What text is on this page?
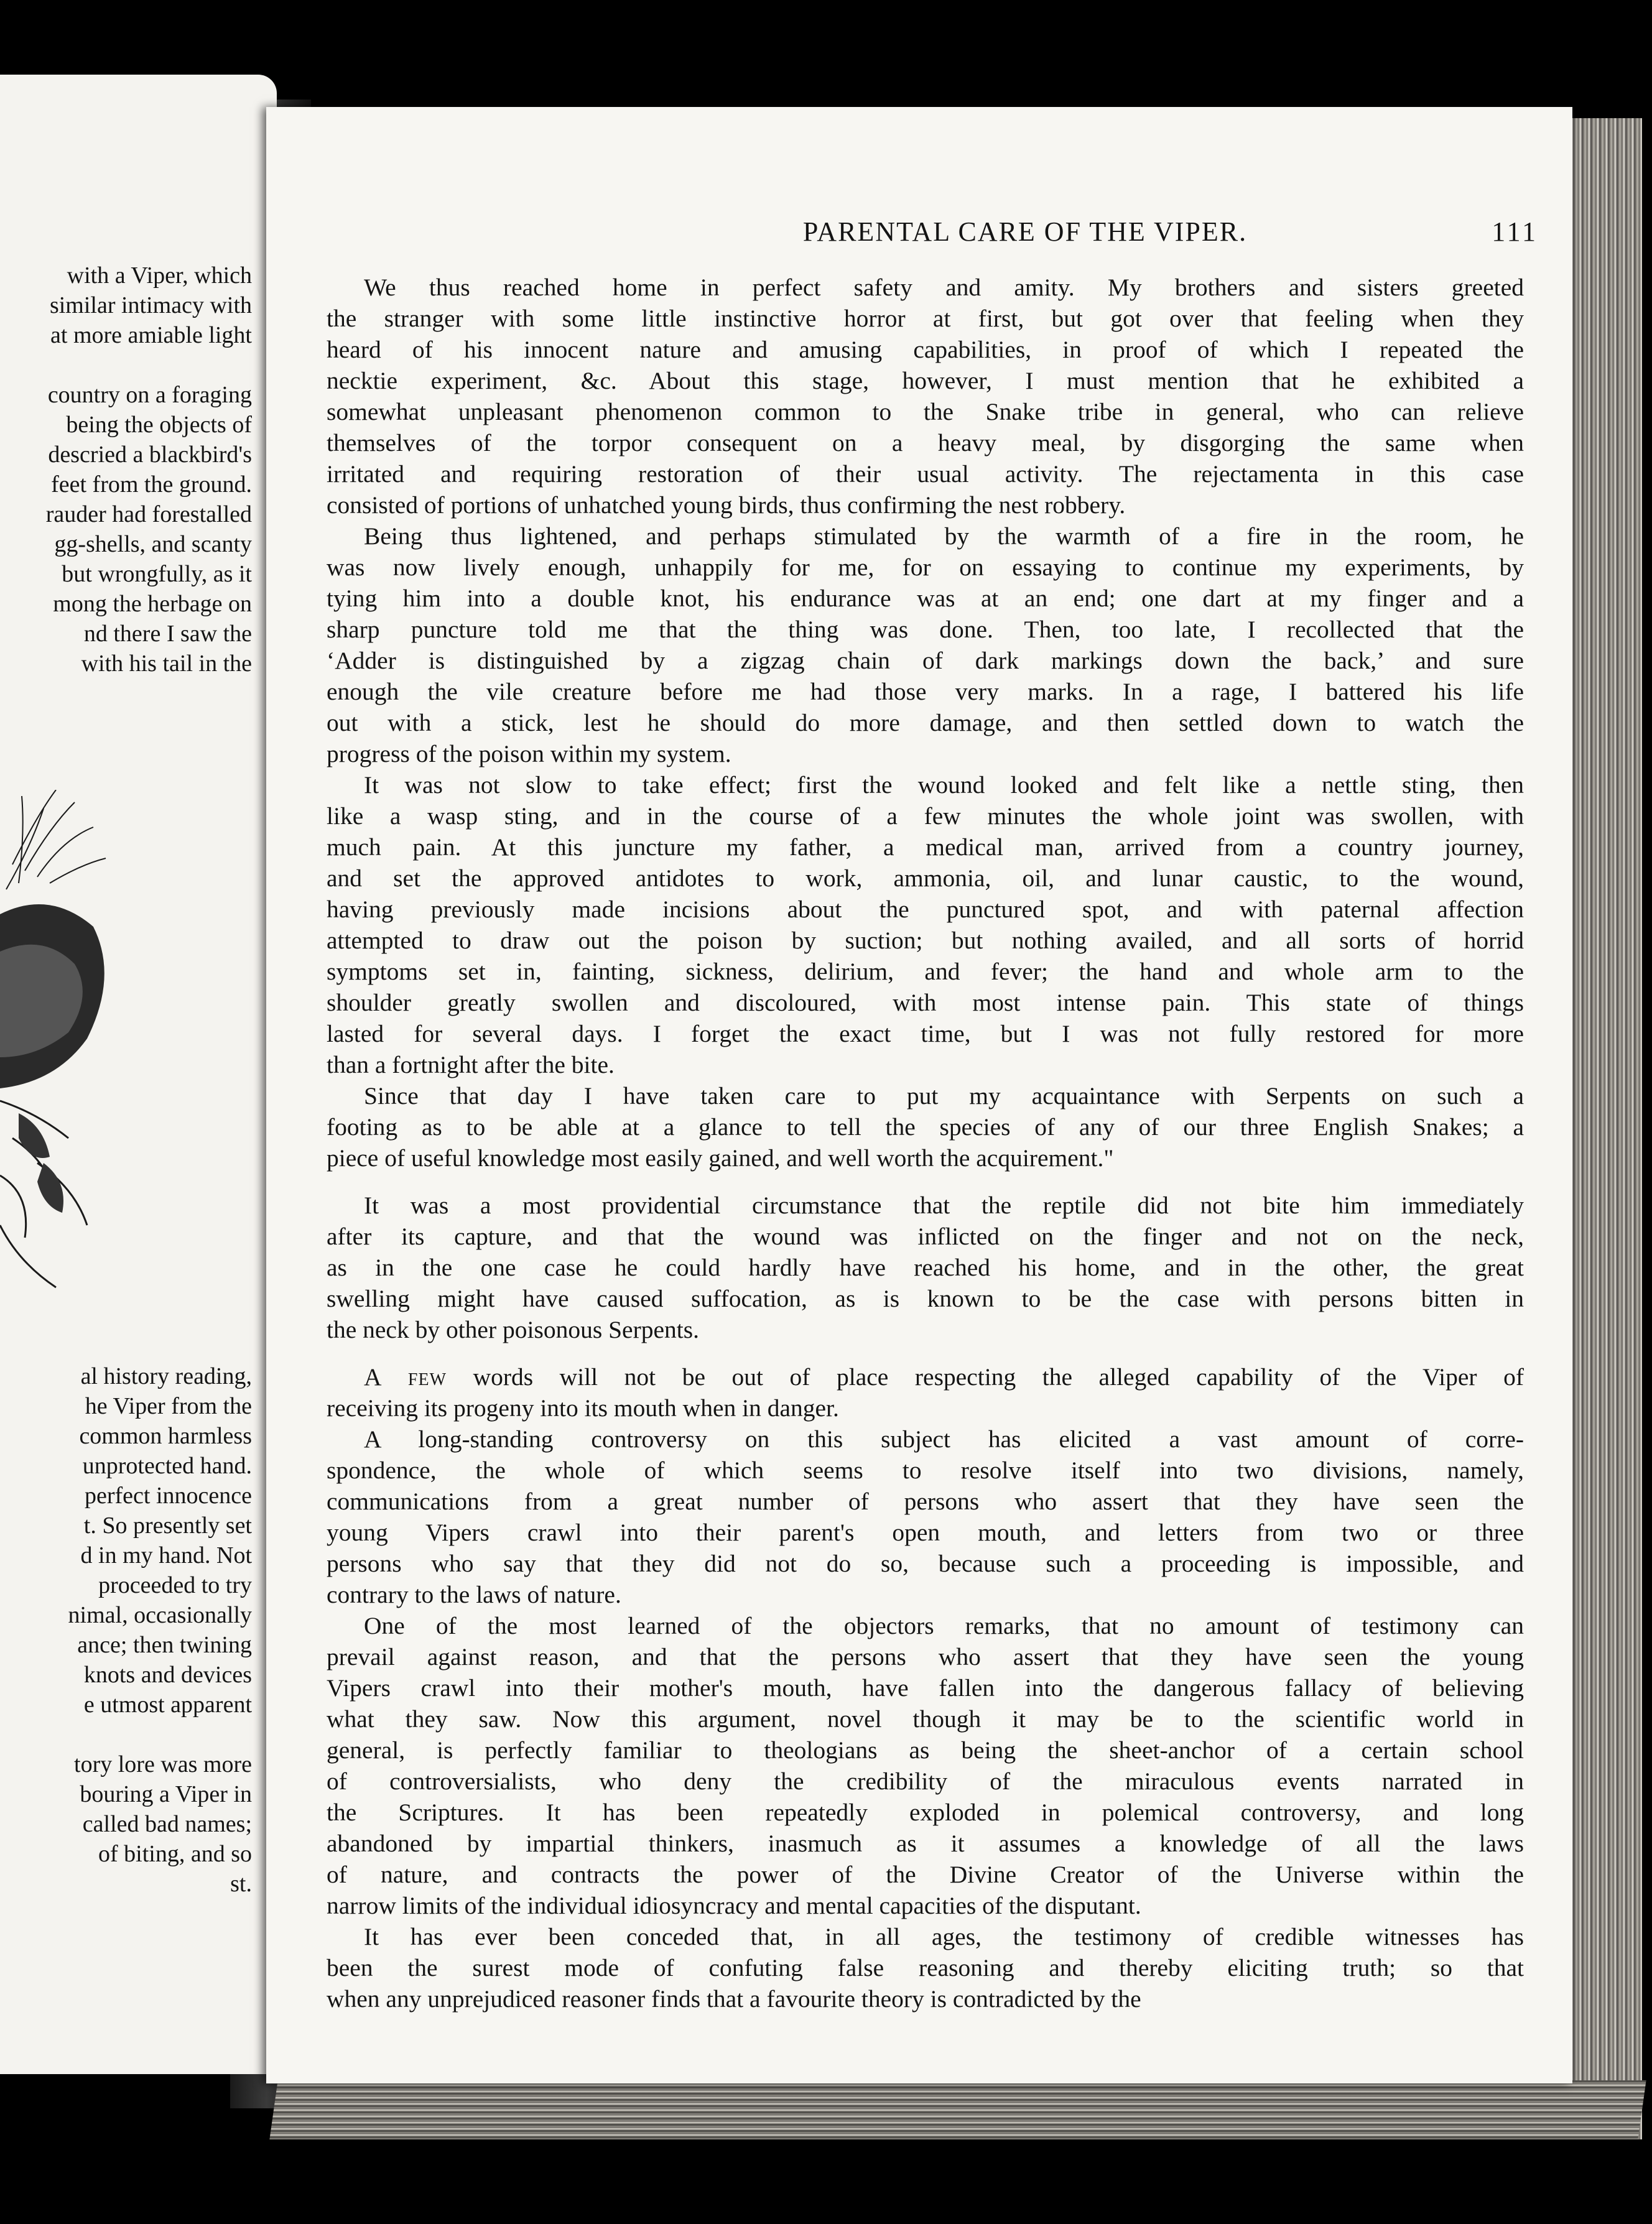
with a Viper, which
similar intimacy with
at more amiable light
country on a foraging
being the objects of
descried a blackbird's
feet from the ground.
rauder had forestalled
gg-shells, and scanty
but wrongfully, as it
mong the herbage on
nd there I saw the
with his tail in the
al history reading,
he Viper from the
common harmless
unprotected hand.
perfect innocence
t. So presently set
d in my hand. Not
proceeded to try
nimal, occasionally
ance; then twining
knots and devices
e utmost apparent
tory lore was more
bouring a Viper in
called bad names;
of biting, and so
st.
PARENTAL CARE OF THE VIPER.	111
We thus reached home in perfect safety and amity. My brothers and sisters greeted
the stranger with some little instinctive horror at first, but got over that feeling when they
heard of his innocent nature and amusing capabilities, in proof of which I repeated the
necktie experiment, &c. About this stage, however, I must mention that he exhibited a
somewhat unpleasant phenomenon common to the Snake tribe in general, who can relieve
themselves of the torpor consequent on a heavy meal, by disgorging the same when
irritated and requiring restoration of their usual activity. The rejectamenta in this case
consisted of portions of unhatched young birds, thus confirming the nest robbery.
Being thus lightened, and perhaps stimulated by the warmth of a fire in the room, he
was now lively enough, unhappily for me, for on essaying to continue my experiments, by
tying him into a double knot, his endurance was at an end; one dart at my finger and a
sharp puncture told me that the thing was done. Then, too late, I recollected that the
‘Adder is distinguished by a zigzag chain of dark markings down the back,’ and sure
enough the vile creature before me had those very marks. In a rage, I battered his life
out with a stick, lest he should do more damage, and then settled down to watch the
progress of the poison within my system.
It was not slow to take effect; first the wound looked and felt like a nettle sting, then
like a wasp sting, and in the course of a few minutes the whole joint was swollen, with
much pain. At this juncture my father, a medical man, arrived from a country journey,
and set the approved antidotes to work, ammonia, oil, and lunar caustic, to the wound,
having previously made incisions about the punctured spot, and with paternal affection
attempted to draw out the poison by suction; but nothing availed, and all sorts of horrid
symptoms set in, fainting, sickness, delirium, and fever; the hand and whole arm to the
shoulder greatly swollen and discoloured, with most intense pain. This state of things
lasted for several days. I forget the exact time, but I was not fully restored for more
than a fortnight after the bite.
Since that day I have taken care to put my acquaintance with Serpents on such a
footing as to be able at a glance to tell the species of any of our three English Snakes; a
piece of useful knowledge most easily gained, and well worth the acquirement."
It was a most providential circumstance that the reptile did not bite him immediately
after its capture, and that the wound was inflicted on the finger and not on the neck,
as in the one case he could hardly have reached his home, and in the other, the great
swelling might have caused suffocation, as is known to be the case with persons bitten in
the neck by other poisonous Serpents.
A few words will not be out of place respecting the alleged capability of the Viper of
receiving its progeny into its mouth when in danger.
A long-standing controversy on this subject has elicited a vast amount of corre-
spondence, the whole of which seems to resolve itself into two divisions, namely,
communications from a great number of persons who assert that they have seen the
young Vipers crawl into their parent's open mouth, and letters from two or three
persons who say that they did not do so, because such a proceeding is impossible, and
contrary to the laws of nature.
One of the most learned of the objectors remarks, that no amount of testimony can
prevail against reason, and that the persons who assert that they have seen the young
Vipers crawl into their mother's mouth, have fallen into the dangerous fallacy of believing
what they saw. Now this argument, novel though it may be to the scientific world in
general, is perfectly familiar to theologians as being the sheet-anchor of a certain school
of controversialists, who deny the credibility of the miraculous events narrated in
the Scriptures. It has been repeatedly exploded in polemical controversy, and long
abandoned by impartial thinkers, inasmuch as it assumes a knowledge of all the laws
of nature, and contracts the power of the Divine Creator of the Universe within the
narrow limits of the individual idiosyncracy and mental capacities of the disputant.
It has ever been conceded that, in all ages, the testimony of credible witnesses has
been the surest mode of confuting false reasoning and thereby eliciting truth; so that
when any unprejudiced reasoner finds that a favourite theory is contradicted by the
